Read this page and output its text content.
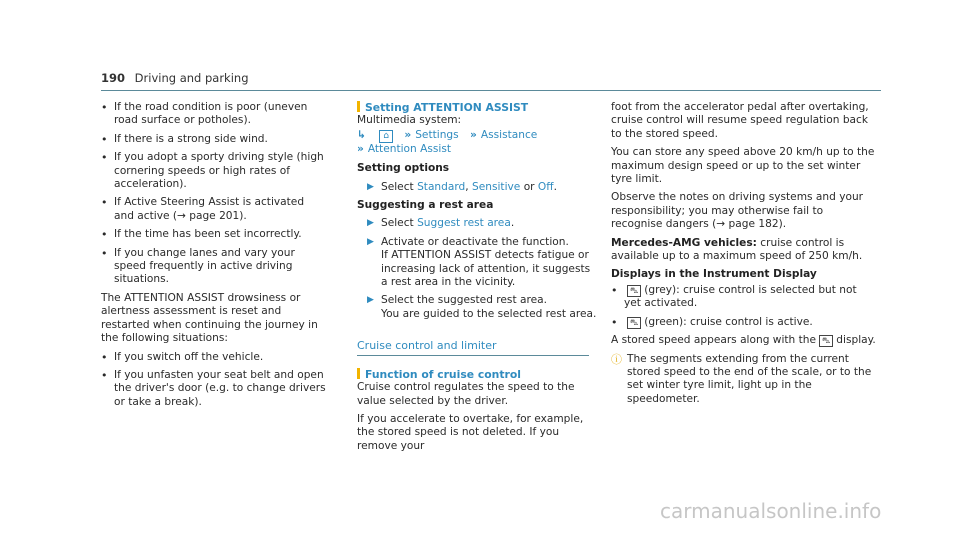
190 Driving and parking
• If the road condition is poor (uneven road surface or potholes).
• If there is a strong side wind.
• If you adopt a sporty driving style (high cornering speeds or high rates of acceleration).
• If Active Steering Assist is activated and active (→ page 201).
• If the time has been set incorrectly.
• If you change lanes and vary your speed frequently in active driving situations.

The ATTENTION ASSIST drowsiness or alertness assessment is reset and restarted when continuing the journey in the following situations:

• If you switch off the vehicle.
• If you unfasten your seat belt and open the driver's door (e.g. to change drivers or take a break).
Setting ATTENTION ASSIST

Multimedia system:

↳ ⌂ » Settings » Assistance
» Attention Assist

Setting options

▶ Select Standard, Sensitive or Off.

Suggesting a rest area

▶ Select Suggest rest area.
▶ Activate or deactivate the function.
If ATTENTION ASSIST detects fatigue or increasing lack of attention, it suggests a rest area in the vicinity.
▶ Select the suggested rest area.
You are guided to the selected rest area.
Cruise control and limiter
Function of cruise control

Cruise control regulates the speed to the value selected by the driver.

If you accelerate to overtake, for example, the stored speed is not deleted. If you remove your

foot from the accelerator pedal after overtaking, cruise control will resume speed regulation back to the stored speed.

You can store any speed above 20 km/h up to the maximum design speed or up to the set winter tyre limit.

Observe the notes on driving systems and your responsibility; you may otherwise fail to recognise dangers (→ page 182).

Mercedes-AMG vehicles: cruise control is available up to a maximum speed of 250 km/h.

Displays in the Instrument Display

• ⛍ (grey): cruise control is selected but not yet activated.
• ⛍ (green): cruise control is active.

A stored speed appears along with the ⛍ display.

ⓘ The segments extending from the current stored speed to the end of the scale, or to the set winter tyre limit, light up in the speedometer.
carmanualsonline.info
